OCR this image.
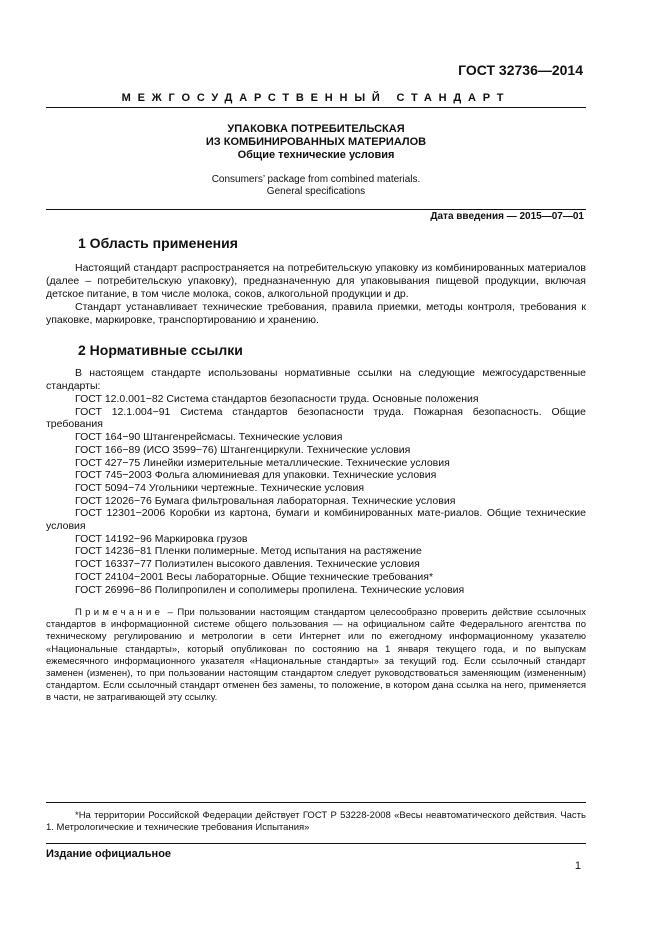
ГОСТ 32736—2014
МЕЖГОСУДАРСТВЕННЫЙ СТАНДАРТ
УПАКОВКА ПОТРЕБИТЕЛЬСКАЯ
ИЗ КОМБИНИРОВАННЫХ МАТЕРИАЛОВ
Общие технические условия
Consumers’ package from combined materials.
General specifications
Дата введения — 2015—07—01
1 Область применения
Настоящий стандарт распространяется на потребительскую упаковку из комбинированных материалов (далее – потребительскую упаковку), предназначенную для упаковывания пищевой продукции, включая детское питание, в том числе молока, соков, алкогольной продукции и др.
Стандарт устанавливает технические требования, правила приемки, методы контроля, требования к упаковке, маркировке, транспортированию и хранению.
2 Нормативные ссылки
В настоящем стандарте использованы нормативные ссылки на следующие межгосударственные стандарты:
ГОСТ 12.0.001−82 Система стандартов безопасности труда. Основные положения
ГОСТ 12.1.004−91 Система стандартов безопасности труда. Пожарная безопасность. Общие требования
ГОСТ 164−90 Штангенрейсмасы. Технические условия
ГОСТ 166−89 (ИСО 3599−76) Штангенциркули. Технические условия
ГОСТ 427−75 Линейки измерительные металлические. Технические условия
ГОСТ 745−2003 Фольга алюминиевая для упаковки. Технические условия
ГОСТ 5094−74 Угольники чертежные. Технические условия
ГОСТ 12026−76 Бумага фильтровальная лабораторная. Технические условия
ГОСТ 12301−2006 Коробки из картона, бумаги и комбинированных мате-риалов. Общие технические условия
ГОСТ 14192−96 Маркировка грузов
ГОСТ 14236−81 Пленки полимерные. Метод испытания на растяжение
ГОСТ 16337−77 Полиэтилен высокого давления. Технические условия
ГОСТ 24104−2001 Весы лабораторные. Общие технические требования*
ГОСТ 26996−86 Полипропилен и сополимеры пропилена. Технические условия
Примечание – При пользовании настоящим стандартом целесообразно проверить действие ссылочных стандартов в информационной системе общего пользования — на официальном сайте Федерального агентства по техническому регулированию и метрологии в сети Интернет или по ежегодному информационному указателю «Национальные стандарты», который опубликован по состоянию на 1 января текущего года, и по выпускам ежемесячного информационного указателя «Национальные стандарты» за текущий год. Если ссылочный стандарт заменен (изменен), то при пользовании настоящим стандартом следует руководствоваться заменяющим (измененным) стандартом. Если ссылочный стандарт отменен без замены, то положение, в котором дана ссылка на него, применяется в части, не затрагивающей эту ссылку.
*На территории Российской Федерации действует ГОСТ Р 53228-2008 «Весы неавтоматического действия. Часть 1. Метрологические и технические требования Испытания»
Издание официальное
1
